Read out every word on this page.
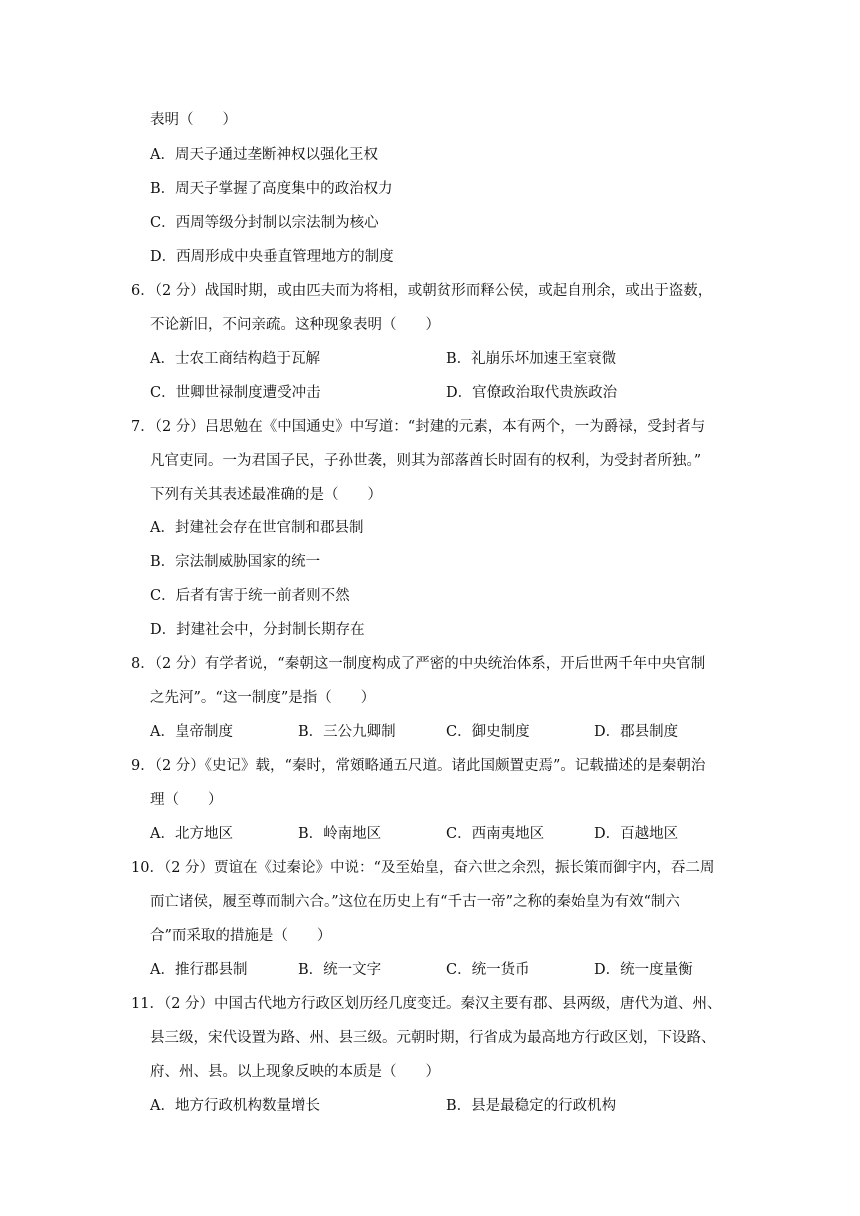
表明（　　）
A．周天子通过垄断神权以强化王权
B．周天子掌握了高度集中的政治权力
C．西周等级分封制以宗法制为核心
D．西周形成中央垂直管理地方的制度
6．（2 分）战国时期，或由匹夫而为将相，或朝贫形而释公侯，或起自刑余，或出于盗薮，
不论新旧，不问亲疏。这种现象表明（　　）
A．士农工商结构趋于瓦解	B．礼崩乐坏加速王室衰微
C．世卿世禄制度遭受冲击	D．官僚政治取代贵族政治
7．（2 分）吕思勉在《中国通史》中写道：“封建的元素，本有两个，一为爵禄，受封者与
凡官吏同。一为君国子民，子孙世袭，则其为部落酋长时固有的权利，为受封者所独。”
下列有关其表述最准确的是（　　）
A．封建社会存在世官制和郡县制
B．宗法制威胁国家的统一
C．后者有害于统一前者则不然
D．封建社会中，分封制长期存在
8．（2 分）有学者说，“秦朝这一制度构成了严密的中央统治体系，开后世两千年中央官制
之先河”。“这一制度”是指（　　）
A．皇帝制度	B．三公九卿制	C．御史制度	D．郡县制度
9．（2 分）《史记》载，“秦时，常頞略通五尺道。诸此国颇置吏焉”。记载描述的是秦朝治
理（　　）
A．北方地区	B．岭南地区	C．西南夷地区	D．百越地区
10．（2 分）贾谊在《过秦论》中说：“及至始皇，奋六世之余烈，振长策而御宇内，吞二周
而亡诸侯，履至尊而制六合。”这位在历史上有“千古一帝”之称的秦始皇为有效“制六
合”而采取的措施是（　　）
A．推行郡县制	B．统一文字	C．统一货币	D．统一度量衡
11．（2 分）中国古代地方行政区划历经几度变迁。秦汉主要有郡、县两级，唐代为道、州、
县三级，宋代设置为路、州、县三级。元朝时期，行省成为最高地方行政区划，下设路、
府、州、县。以上现象反映的本质是（　　）
A．地方行政机构数量增长	B．县是最稳定的行政机构
